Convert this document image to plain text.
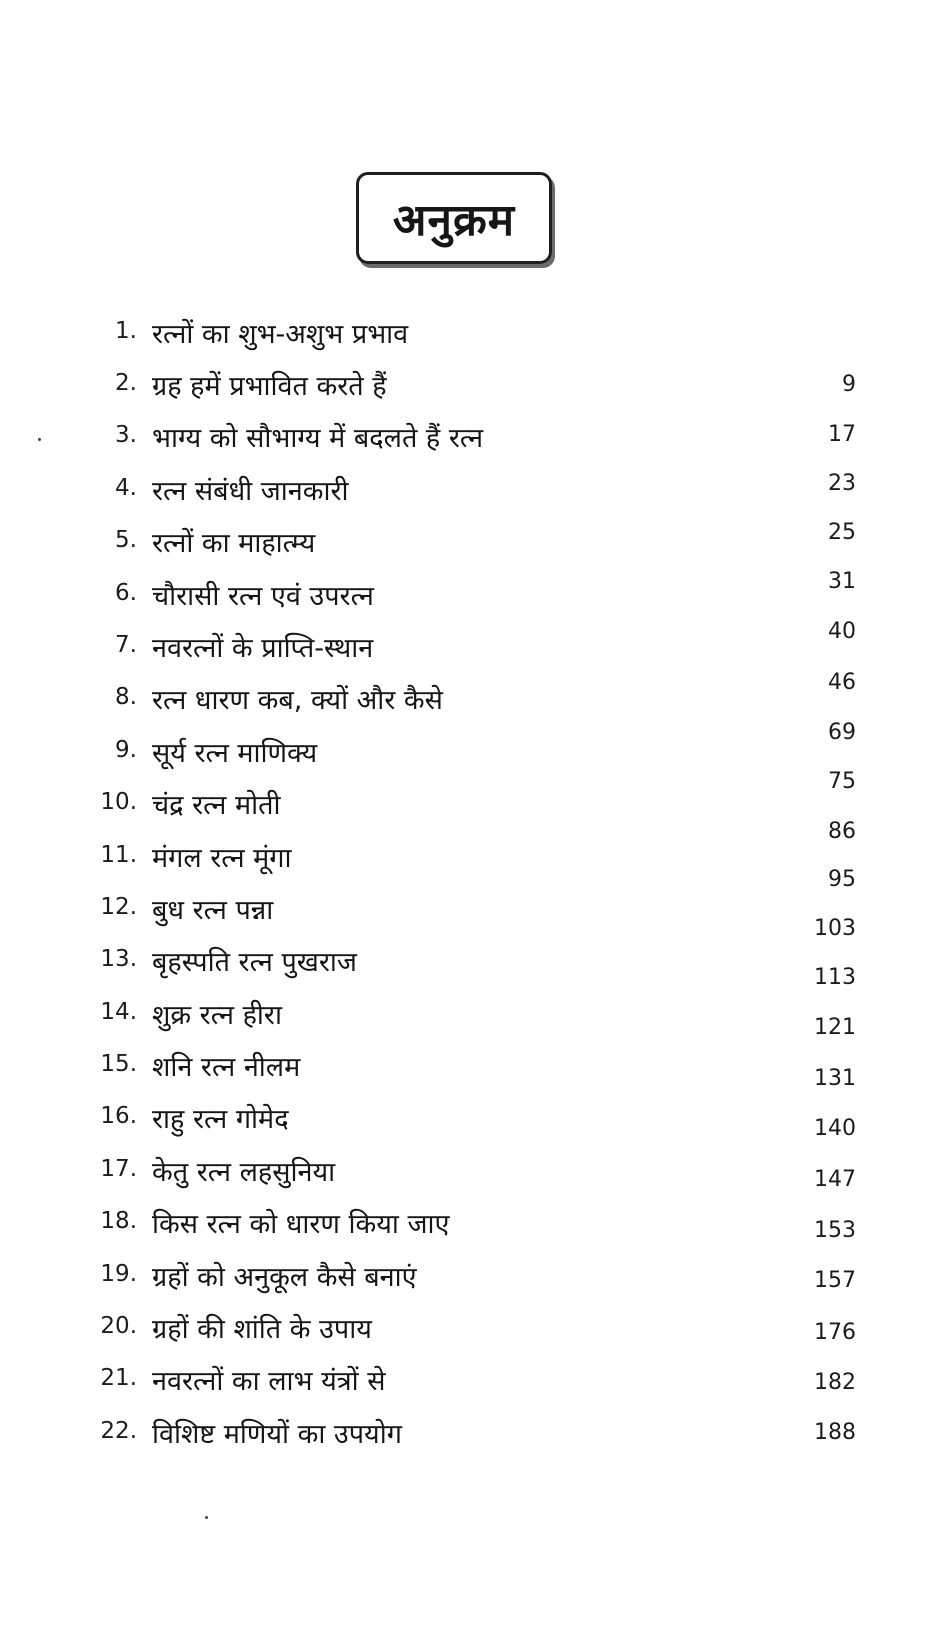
अनुक्रम
1. रत्नों का शुभ-अशुभ प्रभाव
2. ग्रह हमें प्रभावित करते हैं
3. भाग्य को सौभाग्य में बदलते हैं रत्न
4. रत्न संबंधी जानकारी
5. रत्नों का माहात्म्य
6. चौरासी रत्न एवं उपरत्न
7. नवरत्नों के प्राप्ति-स्थान
8. रत्न धारण कब, क्यों और कैसे
9. सूर्य रत्न माणिक्य
10. चंद्र रत्न मोती
11. मंगल रत्न मूंगा
12. बुध रत्न पन्ना
13. बृहस्पति रत्न पुखराज
14. शुक्र रत्न हीरा
15. शनि रत्न नीलम
16. राहु रत्न गोमेद
17. केतु रत्न लहसुनिया
18. किस रत्न को धारण किया जाए
19. ग्रहों को अनुकूल कैसे बनाएं
20. ग्रहों की शांति के उपाय
21. नवरत्नों का लाभ यंत्रों से
22. विशिष्ट मणियों का उपयोग
9
17
23
25
31
40
46
69
75
86
95
103
113
121
131
140
147
153
157
176
182
188
